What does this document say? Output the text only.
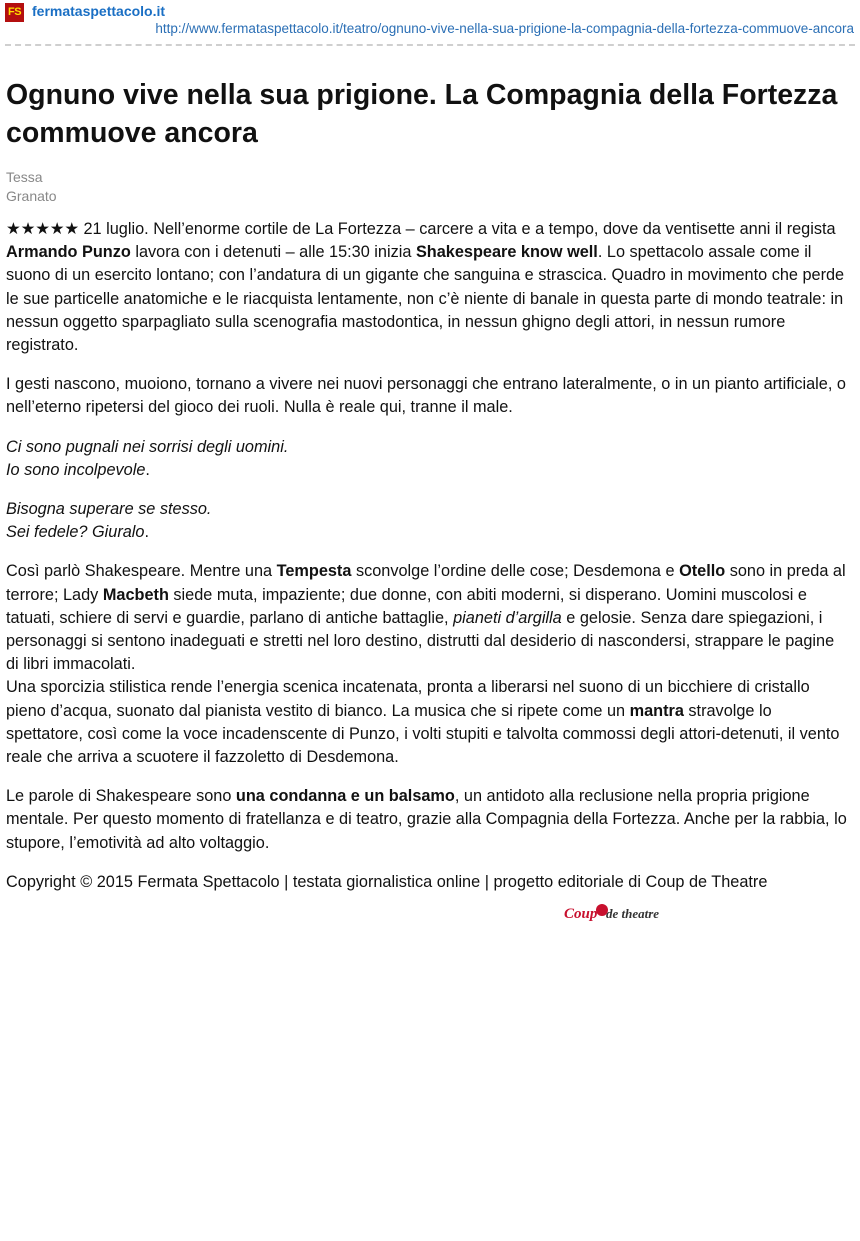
FS fermataspettacolo.it
http://www.fermataspettacolo.it/teatro/ognuno-vive-nella-sua-prigione-la-compagnia-della-fortezza-commuove-ancora
Ognuno vive nella sua prigione. La Compagnia della Fortezza commuove ancora
Tessa
Granato

★★★★★ 21 luglio. Nell’enorme cortile de La Fortezza – carcere a vita e a tempo, dove da ventisette anni il regista Armando Punzo lavora con i detenuti – alle 15:30 inizia Shakespeare know well. Lo spettacolo assale come il suono di un esercito lontano; con l’andatura di un gigante che sanguina e strascica. Quadro in movimento che perde le sue particelle anatomiche e le riacquista lentamente, non c’è niente di banale in questa parte di mondo teatrale: in nessun oggetto sparpagliato sulla scenografia mastodontica, in nessun ghigno degli attori, in nessun rumore registrato.

I gesti nascono, muoiono, tornano a vivere nei nuovi personaggi che entrano lateralmente, o in un pianto artificiale, o nell’eterno ripetersi del gioco dei ruoli. Nulla è reale qui, tranne il male.

Ci sono pugnali nei sorrisi degli uomini.
Io sono incolpevole.

Bisogna superare se stesso.
Sei fedele? Giuralo.

Così parlò Shakespeare. Mentre una Tempesta sconvolge l’ordine delle cose; Desdemona e Otello sono in preda al terrore; Lady Macbeth siede muta, impaziente; due donne, con abiti moderni, si disperano. Uomini muscolosi e tatuati, schiere di servi e guardie, parlano di antiche battaglie, pianeti d’argilla e gelosie. Senza dare spiegazioni, i personaggi si sentono inadeguati e stretti nel loro destino, distrutti dal desiderio di nascondersi, strappare le pagine di libri immacolati.

Una sporcizia stilistica rende l’energia scenica incatenata, pronta a liberarsi nel suono di un bicchiere di cristallo pieno d’acqua, suonato dal pianista vestito di bianco. La musica che si ripete come un mantra stravolge lo spettatore, così come la voce incadenscente di Punzo, i volti stupiti e talvolta commossi degli attori-detenuti, il vento reale che arriva a scuotere il fazzoletto di Desdemona.

Le parole di Shakespeare sono una condanna e un balsamo, un antidoto alla reclusione nella propria prigione mentale. Per questo momento di fratellanza e di teatro, grazie alla Compagnia della Fortezza. Anche per la rabbia, lo stupore, l’emotività ad alto voltaggio.

Copyright © 2015 Fermata Spettacolo | testata giornalistica online | progetto editoriale di Coup de Theatre
Coup de theatre
